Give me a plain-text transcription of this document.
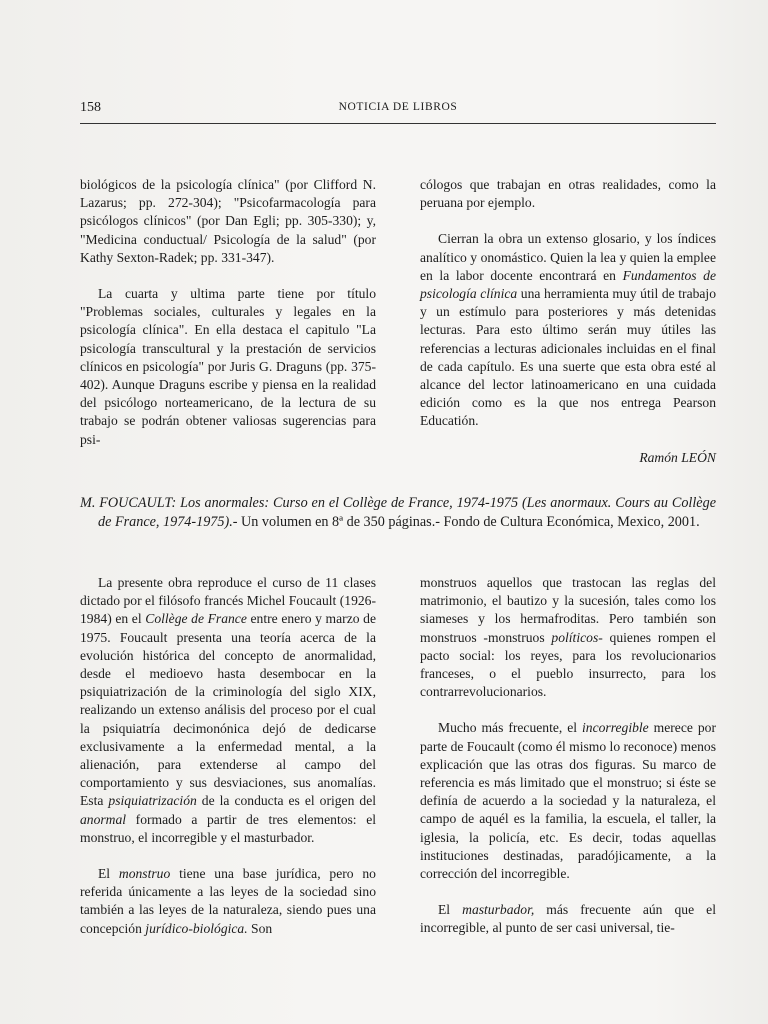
158	NOTICIA DE LIBROS

biológicos de la psicología clínica" (por Clifford N. Lazarus; pp. 272-304); "Psicofarmacología para psicólogos clínicos" (por Dan Egli; pp. 305-330); y, "Medicina conductual/ Psicología de la salud" (por Kathy Sexton-Radek; pp. 331-347).

La cuarta y ultima parte tiene por título "Problemas sociales, culturales y legales en la psicología clínica". En ella destaca el capitulo "La psicología transcultural y la prestación de servicios clínicos en psicología" por Juris G. Draguns (pp. 375-402). Aunque Draguns escribe y piensa en la realidad del psicólogo norteamericano, de la lectura de su trabajo se podrán obtener valiosas sugerencias para psi-

cólogos que trabajan en otras realidades, como la peruana por ejemplo.

Cierran la obra un extenso glosario, y los índices analítico y onomástico. Quien la lea y quien la emplee en la labor docente encontrará en Fundamentos de psicología clínica una herramienta muy útil de trabajo y un estímulo para posteriores y más detenidas lecturas. Para esto último serán muy útiles las referencias a lecturas adicionales incluidas en el final de cada capítulo. Es una suerte que esta obra esté al alcance del lector latinoamericano en una cuidada edición como es la que nos entrega Pearson Educatión.

Ramón LEÓN

M. FOUCAULT: Los anormales: Curso en el Collège de France, 1974-1975 (Les anormaux. Cours au Collège de France, 1974-1975).- Un volumen en 8ª de 350 páginas.- Fondo de Cultura Económica, Mexico, 2001.

La presente obra reproduce el curso de 11 clases dictado por el filósofo francés Michel Foucault (1926-1984) en el Collège de France entre enero y marzo de 1975. Foucault presenta una teoría acerca de la evolución histórica del concepto de anormalidad, desde el medioevo hasta desembocar en la psiquiatrización de la criminología del siglo XIX, realizando un extenso análisis del proceso por el cual la psiquiatría decimonónica dejó de dedicarse exclusivamente a la enfermedad mental, a la alienación, para extenderse al campo del comportamiento y sus desviaciones, sus anomalías. Esta psiquiatrización de la conducta es el origen del anormal formado a partir de tres elementos: el monstruo, el incorregible y el masturbador.

El monstruo tiene una base jurídica, pero no referida únicamente a las leyes de la sociedad sino también a las leyes de la naturaleza, siendo pues una concepción jurídico-biológica. Son

monstruos aquellos que trastocan las reglas del matrimonio, el bautizo y la sucesión, tales como los siameses y los hermafroditas. Pero también son monstruos -monstruos políticos- quienes rompen el pacto social: los reyes, para los revolucionarios franceses, o el pueblo insurrecto, para los contrarrevolucionarios.

Mucho más frecuente, el incorregible merece por parte de Foucault (como él mismo lo reconoce) menos explicación que las otras dos figuras. Su marco de referencia es más limitado que el monstruo; si éste se definía de acuerdo a la sociedad y la naturaleza, el campo de aquél es la familia, la escuela, el taller, la iglesia, la policía, etc. Es decir, todas aquellas instituciones destinadas, paradójicamente, a la corrección del incorregible.

El masturbador, más frecuente aún que el incorregible, al punto de ser casi universal, tie-
